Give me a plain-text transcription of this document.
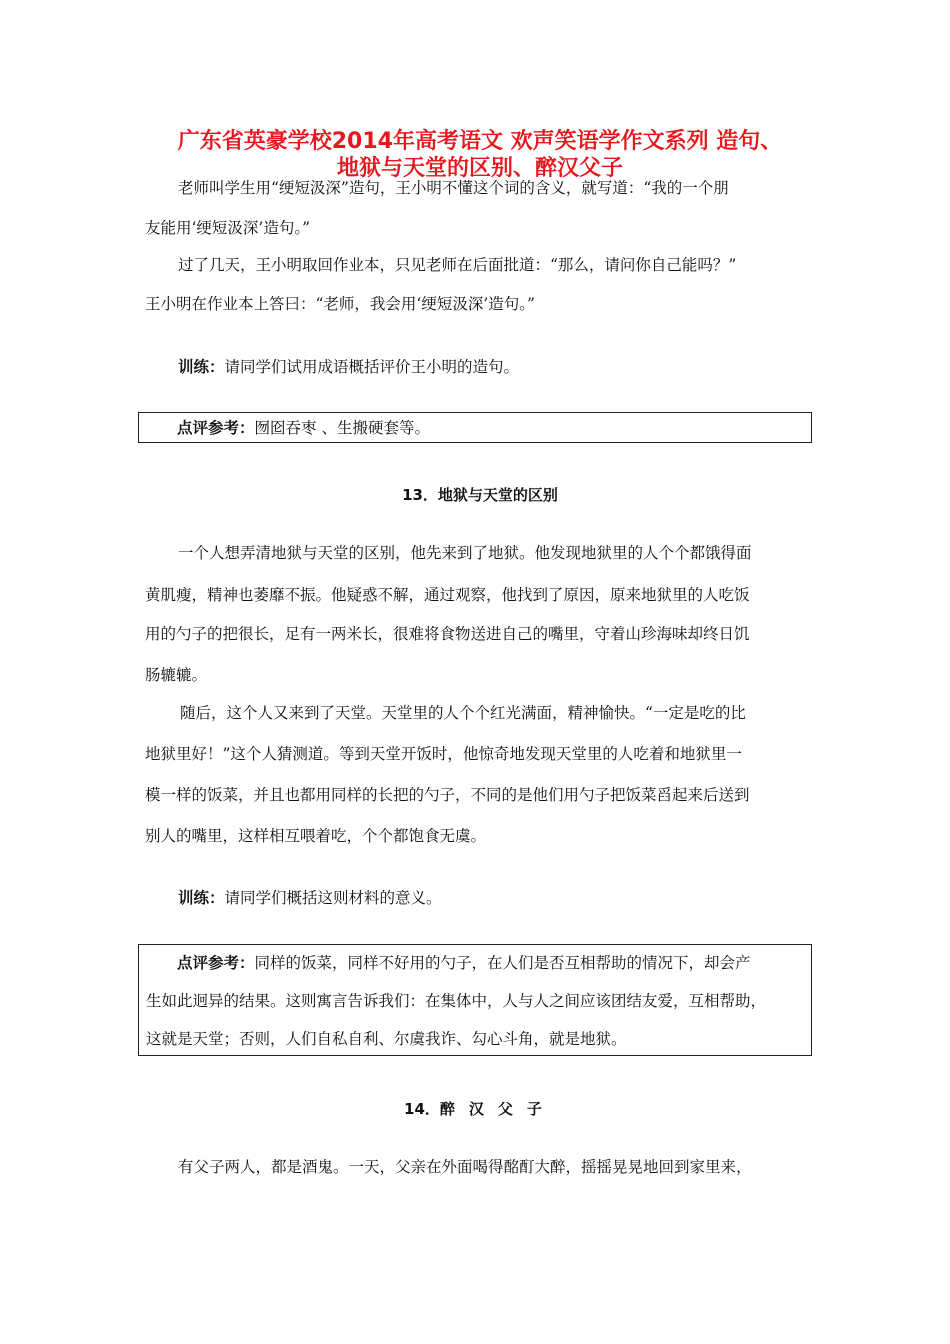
广东省英豪学校2014年高考语文 欢声笑语学作文系列 造句、
地狱与天堂的区别、醉汉父子
老师叫学生用“绠短汲深”造句，王小明不懂这个词的含义，就写道：“我的一个朋
友能用‘绠短汲深’造句。”
过了几天，王小明取回作业本，只见老师在后面批道：“那么，请问你自己能吗？”
王小明在作业本上答曰：“老师，我会用‘绠短汲深’造句。”
训练：请同学们试用成语概括评价王小明的造句。
点评参考：囫囵吞枣 、生搬硬套等。
13．地狱与天堂的区别
一个人想弄清地狱与天堂的区别，他先来到了地狱。他发现地狱里的人个个都饿得面
黄肌瘦，精神也萎靡不振。他疑惑不解，通过观察，他找到了原因，原来地狱里的人吃饭
用的勺子的把很长，足有一两米长，很难将食物送进自己的嘴里，守着山珍海味却终日饥
肠辘辘。
随后，这个人又来到了天堂。天堂里的人个个红光满面，精神愉快。“一定是吃的比
地狱里好！”这个人猜测道。等到天堂开饭时，他惊奇地发现天堂里的人吃着和地狱里一
模一样的饭菜，并且也都用同样的长把的勺子，不同的是他们用勺子把饭菜舀起来后送到
别人的嘴里，这样相互喂着吃，个个都饱食无虞。
训练：请同学们概括这则材料的意义。
点评参考：同样的饭菜，同样不好用的勺子，在人们是否互相帮助的情况下，却会产
生如此迥异的结果。这则寓言告诉我们：在集体中，人与人之间应该团结友爱，互相帮助，
这就是天堂；否则，人们自私自利、尔虞我诈、勾心斗角，就是地狱。
14．醉汉父子
有父子两人，都是酒鬼。一天，父亲在外面喝得酩酊大醉，摇摇晃晃地回到家里来，
